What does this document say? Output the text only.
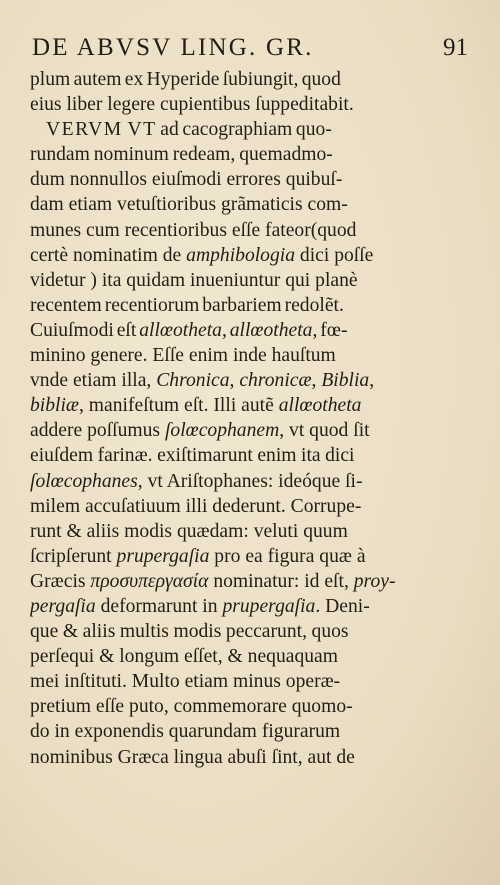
DE ABVSV LING. GR.	91
plum autem ex Hyperide ſubiungit, quod
eius liber legere cupientibus ſuppeditabit.
VERVM VT ad cacographiam quo-
rundam nominum redeam, quemadmo-
dum nonnullos eiuſmodi errores quibuſ-
dam etiam vetuſtioribus grãmaticis com-
munes cum recentioribus eſſe fateor(quod
certè nominatim de amphibologia dici poſſe
videtur ) ita quidam inueniuntur qui planè
recentem recentiorum barbariem redolẽt.
Cuiuſmodi eſt allœotheta, allœotheta, fœ-
minino genere. Eſſe enim inde hauſtum
vnde etiam illa, Chronica, chronicæ, Biblia,
bibliæ, manifeſtum eſt. Illi autẽ allœotheta
addere poſſumus ſolœcophanem, vt quod ſit
eiuſdem farinæ. exiſtimarunt enim ita dici
ſolœcophanes, vt Ariſtophanes: ideóque ſi-
milem accuſatiuum illi dederunt. Corrupe-
runt & aliis modis quædam: veluti quum
ſcripſerunt prupergaſia pro ea figura quæ à
Græcis προσυπεργασία nominatur: id eſt, proy-
pergaſia deformarunt in prupergaſia. Deni-
que & aliis multis modis peccarunt, quos
perſequi & longum eſſet, & nequaquam
mei inſtituti. Multo etiam minus operæ-
pretium eſſe puto, commemorare quomo-
do in exponendis quarundam figurarum
nominibus Græca lingua abuſi ſint, aut de
